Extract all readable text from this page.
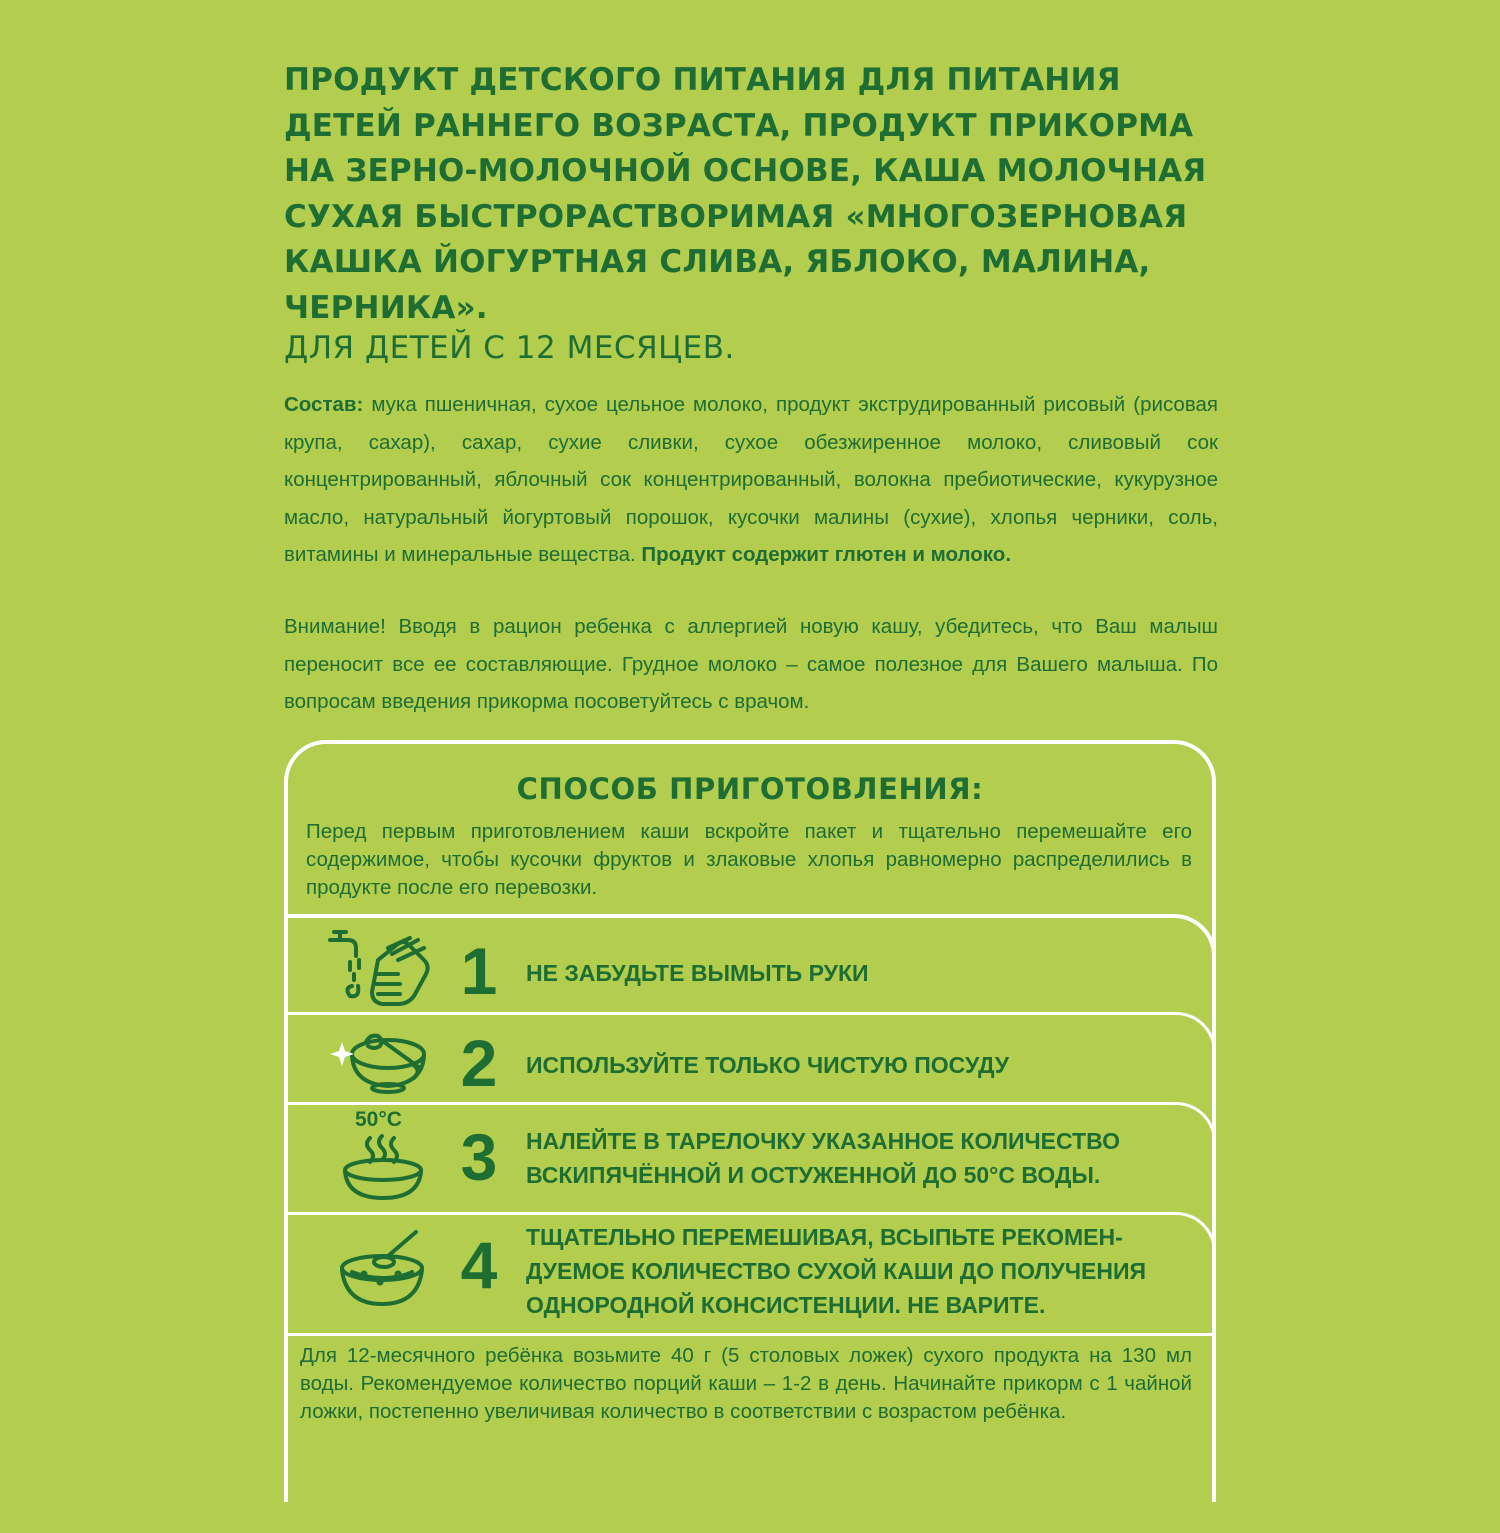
ПРОДУКТ ДЕТСКОГО ПИТАНИЯ ДЛЯ ПИТАНИЯ
ДЕТЕЙ РАННЕГО ВОЗРАСТА, ПРОДУКТ ПРИКОРМА
НА ЗЕРНО-МОЛОЧНОЙ ОСНОВЕ, КАША МОЛОЧНАЯ
СУХАЯ БЫСТРОРАСТВОРИМАЯ «МНОГОЗЕРНОВАЯ
КАШКА ЙОГУРТНАЯ СЛИВА, ЯБЛОКО, МАЛИНА,
ЧЕРНИКА».

ДЛЯ ДЕТЕЙ С 12 МЕСЯЦЕВ.

Состав: мука пшеничная, сухое цельное молоко, продукт экструдированный рисовый (рисовая крупа, сахар), сахар, сухие сливки, сухое обезжиренное молоко, сливовый сок концентрированный, яблочный сок концентрированный, волокна пребиотические, кукурузное масло, натуральный йогуртовый порошок, кусочки малины (сухие), хлопья черники, соль, витамины и минеральные вещества. Продукт содержит глютен и молоко.

Внимание! Вводя в рацион ребенка с аллергией новую кашу, убедитесь, что Ваш малыш переносит все ее составляющие. Грудное молоко – самое полезное для Вашего малыша. По вопросам введения прикорма посоветуйтесь с врачом.

СПОСОБ ПРИГОТОВЛЕНИЯ:

Перед первым приготовлением каши вскройте пакет и тщательно перемешайте его содержимое, чтобы кусочки фруктов и злаковые хлопья равномерно распределились в продукте после его перевозки.

1 НЕ ЗАБУДЬТЕ ВЫМЫТЬ РУКИ

2 ИСПОЛЬЗУЙТЕ ТОЛЬКО ЧИСТУЮ ПОСУДУ

50°С
3 НАЛЕЙТЕ В ТАРЕЛОЧКУ УКАЗАННОЕ КОЛИЧЕСТВО ВСКИПЯЧЁННОЙ И ОСТУЖЕННОЙ ДО 50°С ВОДЫ.

4 ТЩАТЕЛЬНО ПЕРЕМЕШИВАЯ, ВСЫПЬТЕ РЕКОМЕН-ДУЕМОЕ КОЛИЧЕСТВО СУХОЙ КАШИ ДО ПОЛУЧЕНИЯ ОДНОРОДНОЙ КОНСИСТЕНЦИИ. НЕ ВАРИТЕ.

Для 12-месячного ребёнка возьмите 40 г (5 столовых ложек) сухого продукта на 130 мл воды. Рекомендуемое количество порций каши – 1-2 в день. Начинайте прикорм с 1 чайной ложки, постепенно увеличивая количество в соответствии с возрастом ребёнка.
